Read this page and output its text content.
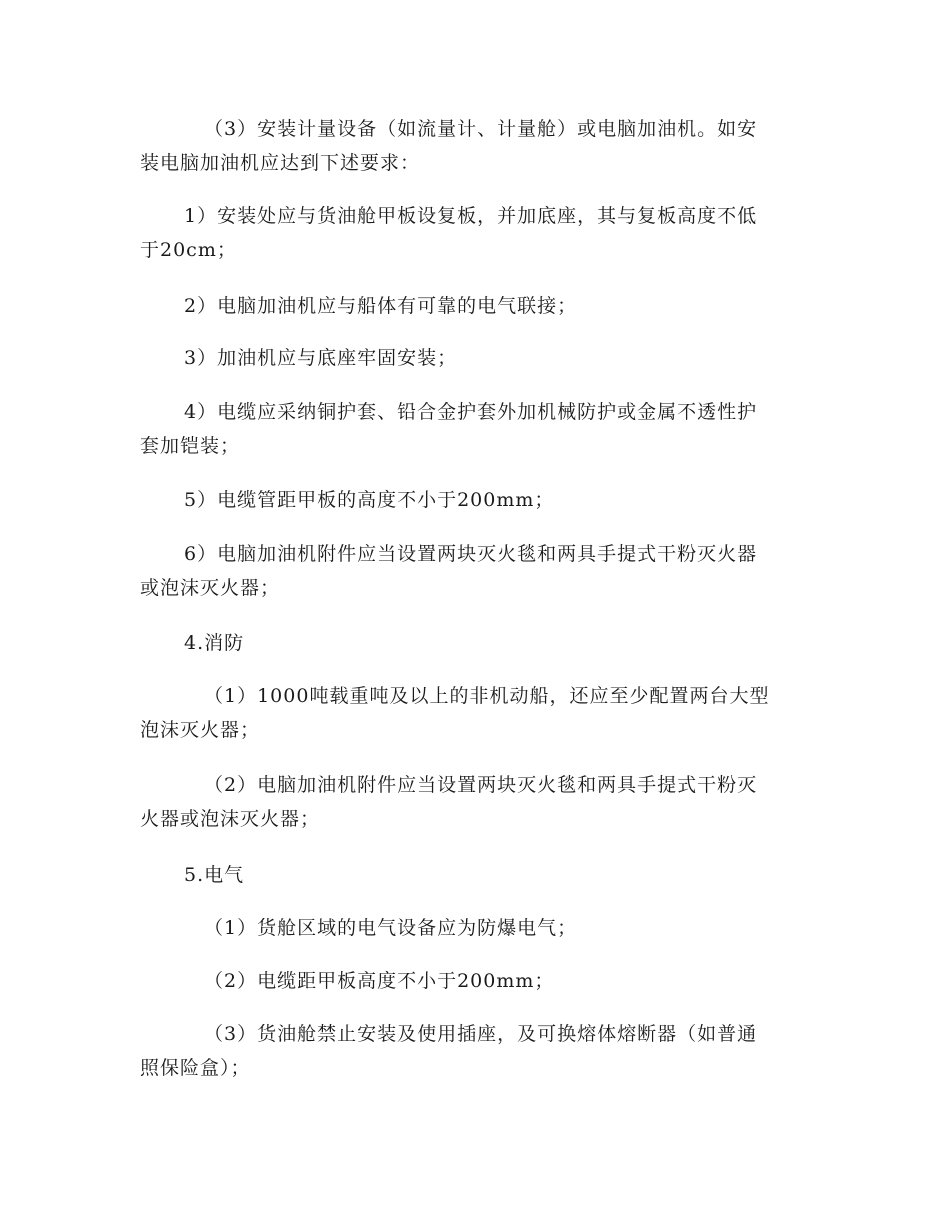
（3）安装计量设备（如流量计、计量舱）或电脑加油机。如安
装电脑加油机应达到下述要求：
1）安装处应与货油舱甲板设复板，并加底座，其与复板高度不低
于20cm；
2）电脑加油机应与船体有可靠的电气联接；
3）加油机应与底座牢固安装；
4）电缆应采纳铜护套、铅合金护套外加机械防护或金属不透性护
套加铠装；
5）电缆管距甲板的高度不小于200mm；
6）电脑加油机附件应当设置两块灭火毯和两具手提式干粉灭火器
或泡沫灭火器；
4.消防
（1）1000吨载重吨及以上的非机动船，还应至少配置两台大型
泡沫灭火器；
（2）电脑加油机附件应当设置两块灭火毯和两具手提式干粉灭
火器或泡沫灭火器；
5.电气
（1）货舱区域的电气设备应为防爆电气；
（2）电缆距甲板高度不小于200mm；
（3）货油舱禁止安装及使用插座，及可换熔体熔断器（如普通
照保险盒）；
